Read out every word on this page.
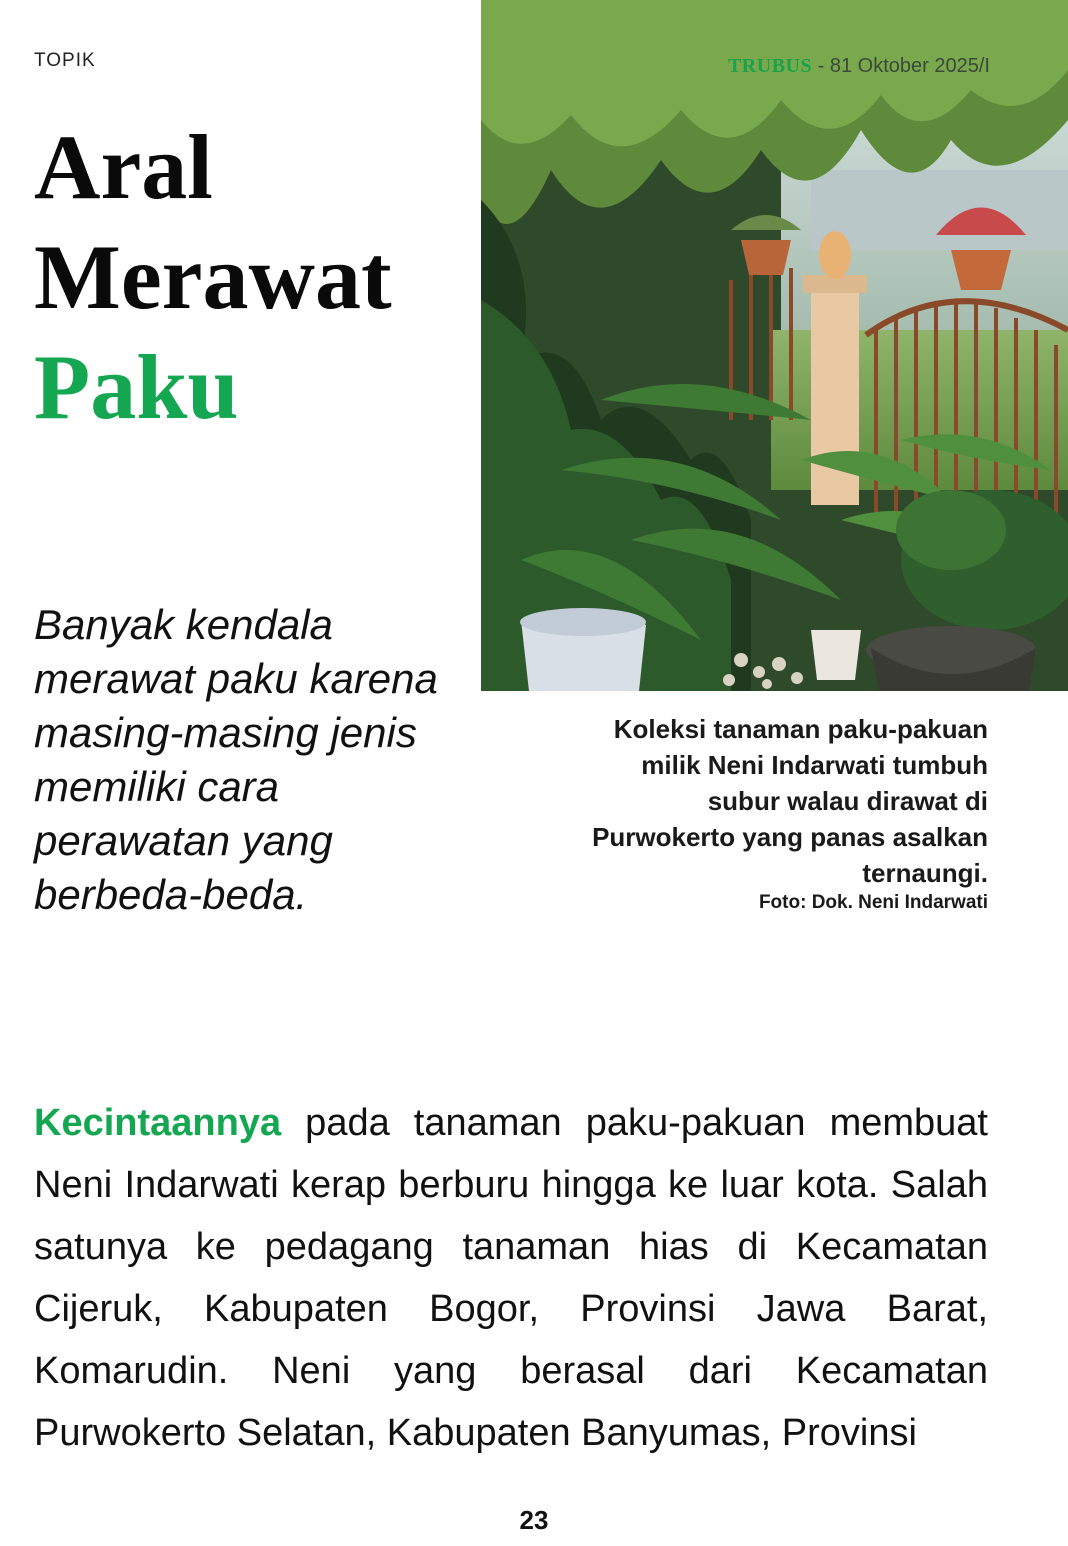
TOPIK
Aral
Merawat
Paku

Banyak kendala merawat paku karena masing-masing jenis memiliki cara perawatan yang berbeda-beda.

TRUBUS - 81 Oktober 2025/I

Koleksi tanaman paku-pakuan milik Neni Indarwati tumbuh subur walau dirawat di Purwokerto yang panas asalkan ternaungi.

Foto: Dok. Neni Indarwati

Kecintaannya pada tanaman paku-pakuan membuat Neni Indarwati kerap berburu hingga ke luar kota. Salah satunya ke pedagang tanaman hias di Kecamatan Cijeruk, Kabupaten Bogor, Provinsi Jawa Barat, Komarudin. Neni yang berasal dari Kecamatan Purwokerto Selatan, Kabupaten Banyumas, Provinsi

23
